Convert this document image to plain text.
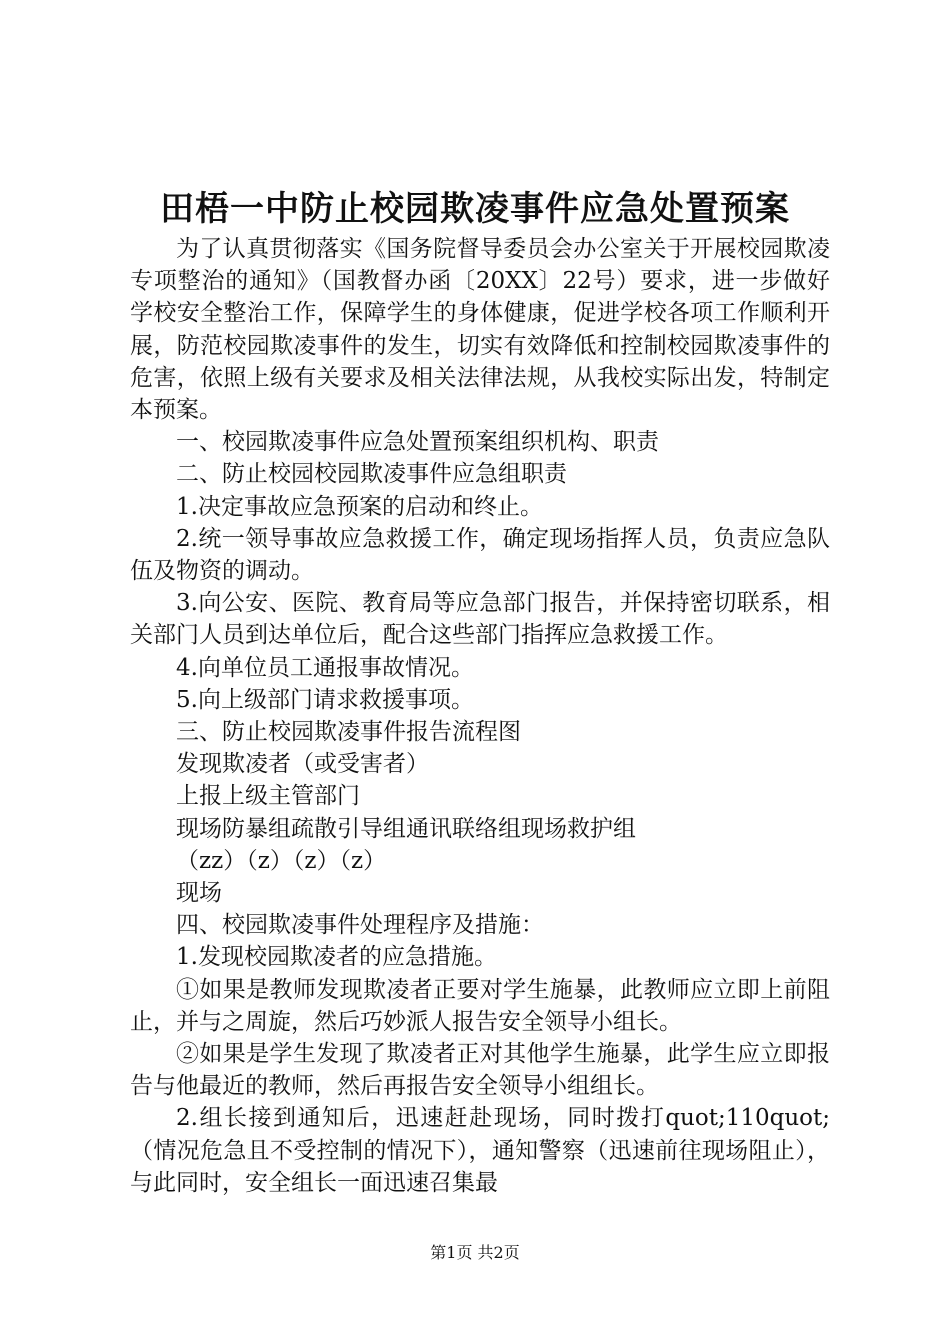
田梧一中防止校园欺凌事件应急处置预案

为了认真贯彻落实《国务院督导委员会办公室关于开展校园欺凌专项整治的通知》（国教督办函〔20XX〕22号）要求，进一步做好学校安全整治工作，保障学生的身体健康，促进学校各项工作顺利开展，防范校园欺凌事件的发生，切实有效降低和控制校园欺凌事件的危害，依照上级有关要求及相关法律法规，从我校实际出发，特制定本预案。

一、校园欺凌事件应急处置预案组织机构、职责

二、防止校园校园欺凌事件应急组职责

1.决定事故应急预案的启动和终止。

2.统一领导事故应急救援工作，确定现场指挥人员，负责应急队伍及物资的调动。

3.向公安、医院、教育局等应急部门报告，并保持密切联系，相关部门人员到达单位后，配合这些部门指挥应急救援工作。

4.向单位员工通报事故情况。

5.向上级部门请求救援事项。

三、防止校园欺凌事件报告流程图

发现欺凌者（或受害者）

上报上级主管部门

现场防暴组疏散引导组通讯联络组现场救护组

（zz）（z）（z）（z）

现场

四、校园欺凌事件处理程序及措施：

1.发现校园欺凌者的应急措施。

①如果是教师发现欺凌者正要对学生施暴，此教师应立即上前阻止，并与之周旋，然后巧妙派人报告安全领导小组长。

②如果是学生发现了欺凌者正对其他学生施暴，此学生应立即报告与他最近的教师，然后再报告安全领导小组组长。

2.组长接到通知后，迅速赶赴现场，同时拨打quot;110quot;（情况危急且不受控制的情况下），通知警察（迅速前往现场阻止），与此同时，安全组长一面迅速召集最

第1页 共2页
